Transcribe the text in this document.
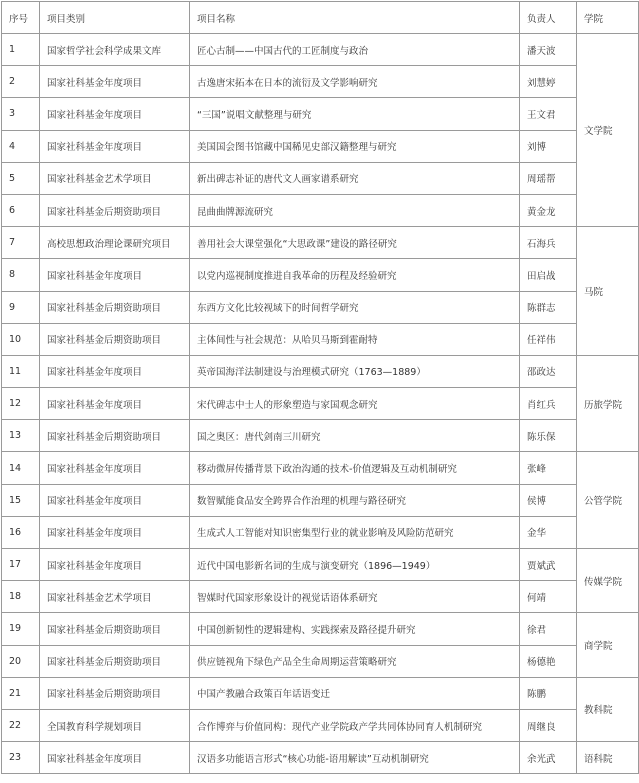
序号	项目类别	项目名称	负责人	学院
1	国家哲学社会科学成果文库	匠心古制——中国古代的工匠制度与政治	潘天波	文学院
2	国家社科基金年度项目	古逸唐宋拓本在日本的流衍及文学影响研究	刘慧婷	
3	国家社科基金年度项目	“三国”说唱文献整理与研究	王文君	
4	国家社科基金年度项目	美国国会图书馆藏中国稀见史部汉籍整理与研究	刘博	
5	国家社科基金艺术学项目	新出碑志补证的唐代文人画家谱系研究	周瑶帮	
6	国家社科基金后期资助项目	昆曲曲牌源流研究	黄金龙	
7	高校思想政治理论课研究项目	善用社会大课堂强化“大思政课”建设的路径研究	石海兵	马院
8	国家社科基金年度项目	以党内巡视制度推进自我革命的历程及经验研究	田启战	
9	国家社科基金后期资助项目	东西方文化比较视域下的时间哲学研究	陈群志	
10	国家社科基金后期资助项目	主体间性与社会规范：从哈贝马斯到霍耐特	任祥伟	
11	国家社科基金年度项目	英帝国海洋法制建设与治理模式研究（1763—1889）	邵政达	历旅学院
12	国家社科基金年度项目	宋代碑志中士人的形象塑造与家国观念研究	肖红兵	
13	国家社科基金后期资助项目	国之奥区：唐代剑南三川研究	陈乐保	
14	国家社科基金年度项目	移动微屏传播背景下政治沟通的技术-价值逻辑及互动机制研究	张峰	公管学院
15	国家社科基金年度项目	数智赋能食品安全跨界合作治理的机理与路径研究	侯博	
16	国家社科基金年度项目	生成式人工智能对知识密集型行业的就业影响及风险防范研究	金华	
17	国家社科基金年度项目	近代中国电影新名词的生成与演变研究（1896—1949）	贾斌武	传媒学院
18	国家社科基金艺术学项目	智媒时代国家形象设计的视觉话语体系研究	何靖	
19	国家社科基金后期资助项目	中国创新韧性的逻辑建构、实践探索及路径提升研究	徐君	商学院
20	国家社科基金后期资助项目	供应链视角下绿色产品全生命周期运营策略研究	杨德艳	
21	国家社科基金后期资助项目	中国产教融合政策百年话语变迁	陈鹏	教科院
22	全国教育科学规划项目	合作博弈与价值同构：现代产业学院政产学共同体协同育人机制研究	周继良	
23	国家社科基金年度项目	汉语多功能语言形式“核心功能-语用解读”互动机制研究	余光武	语科院
